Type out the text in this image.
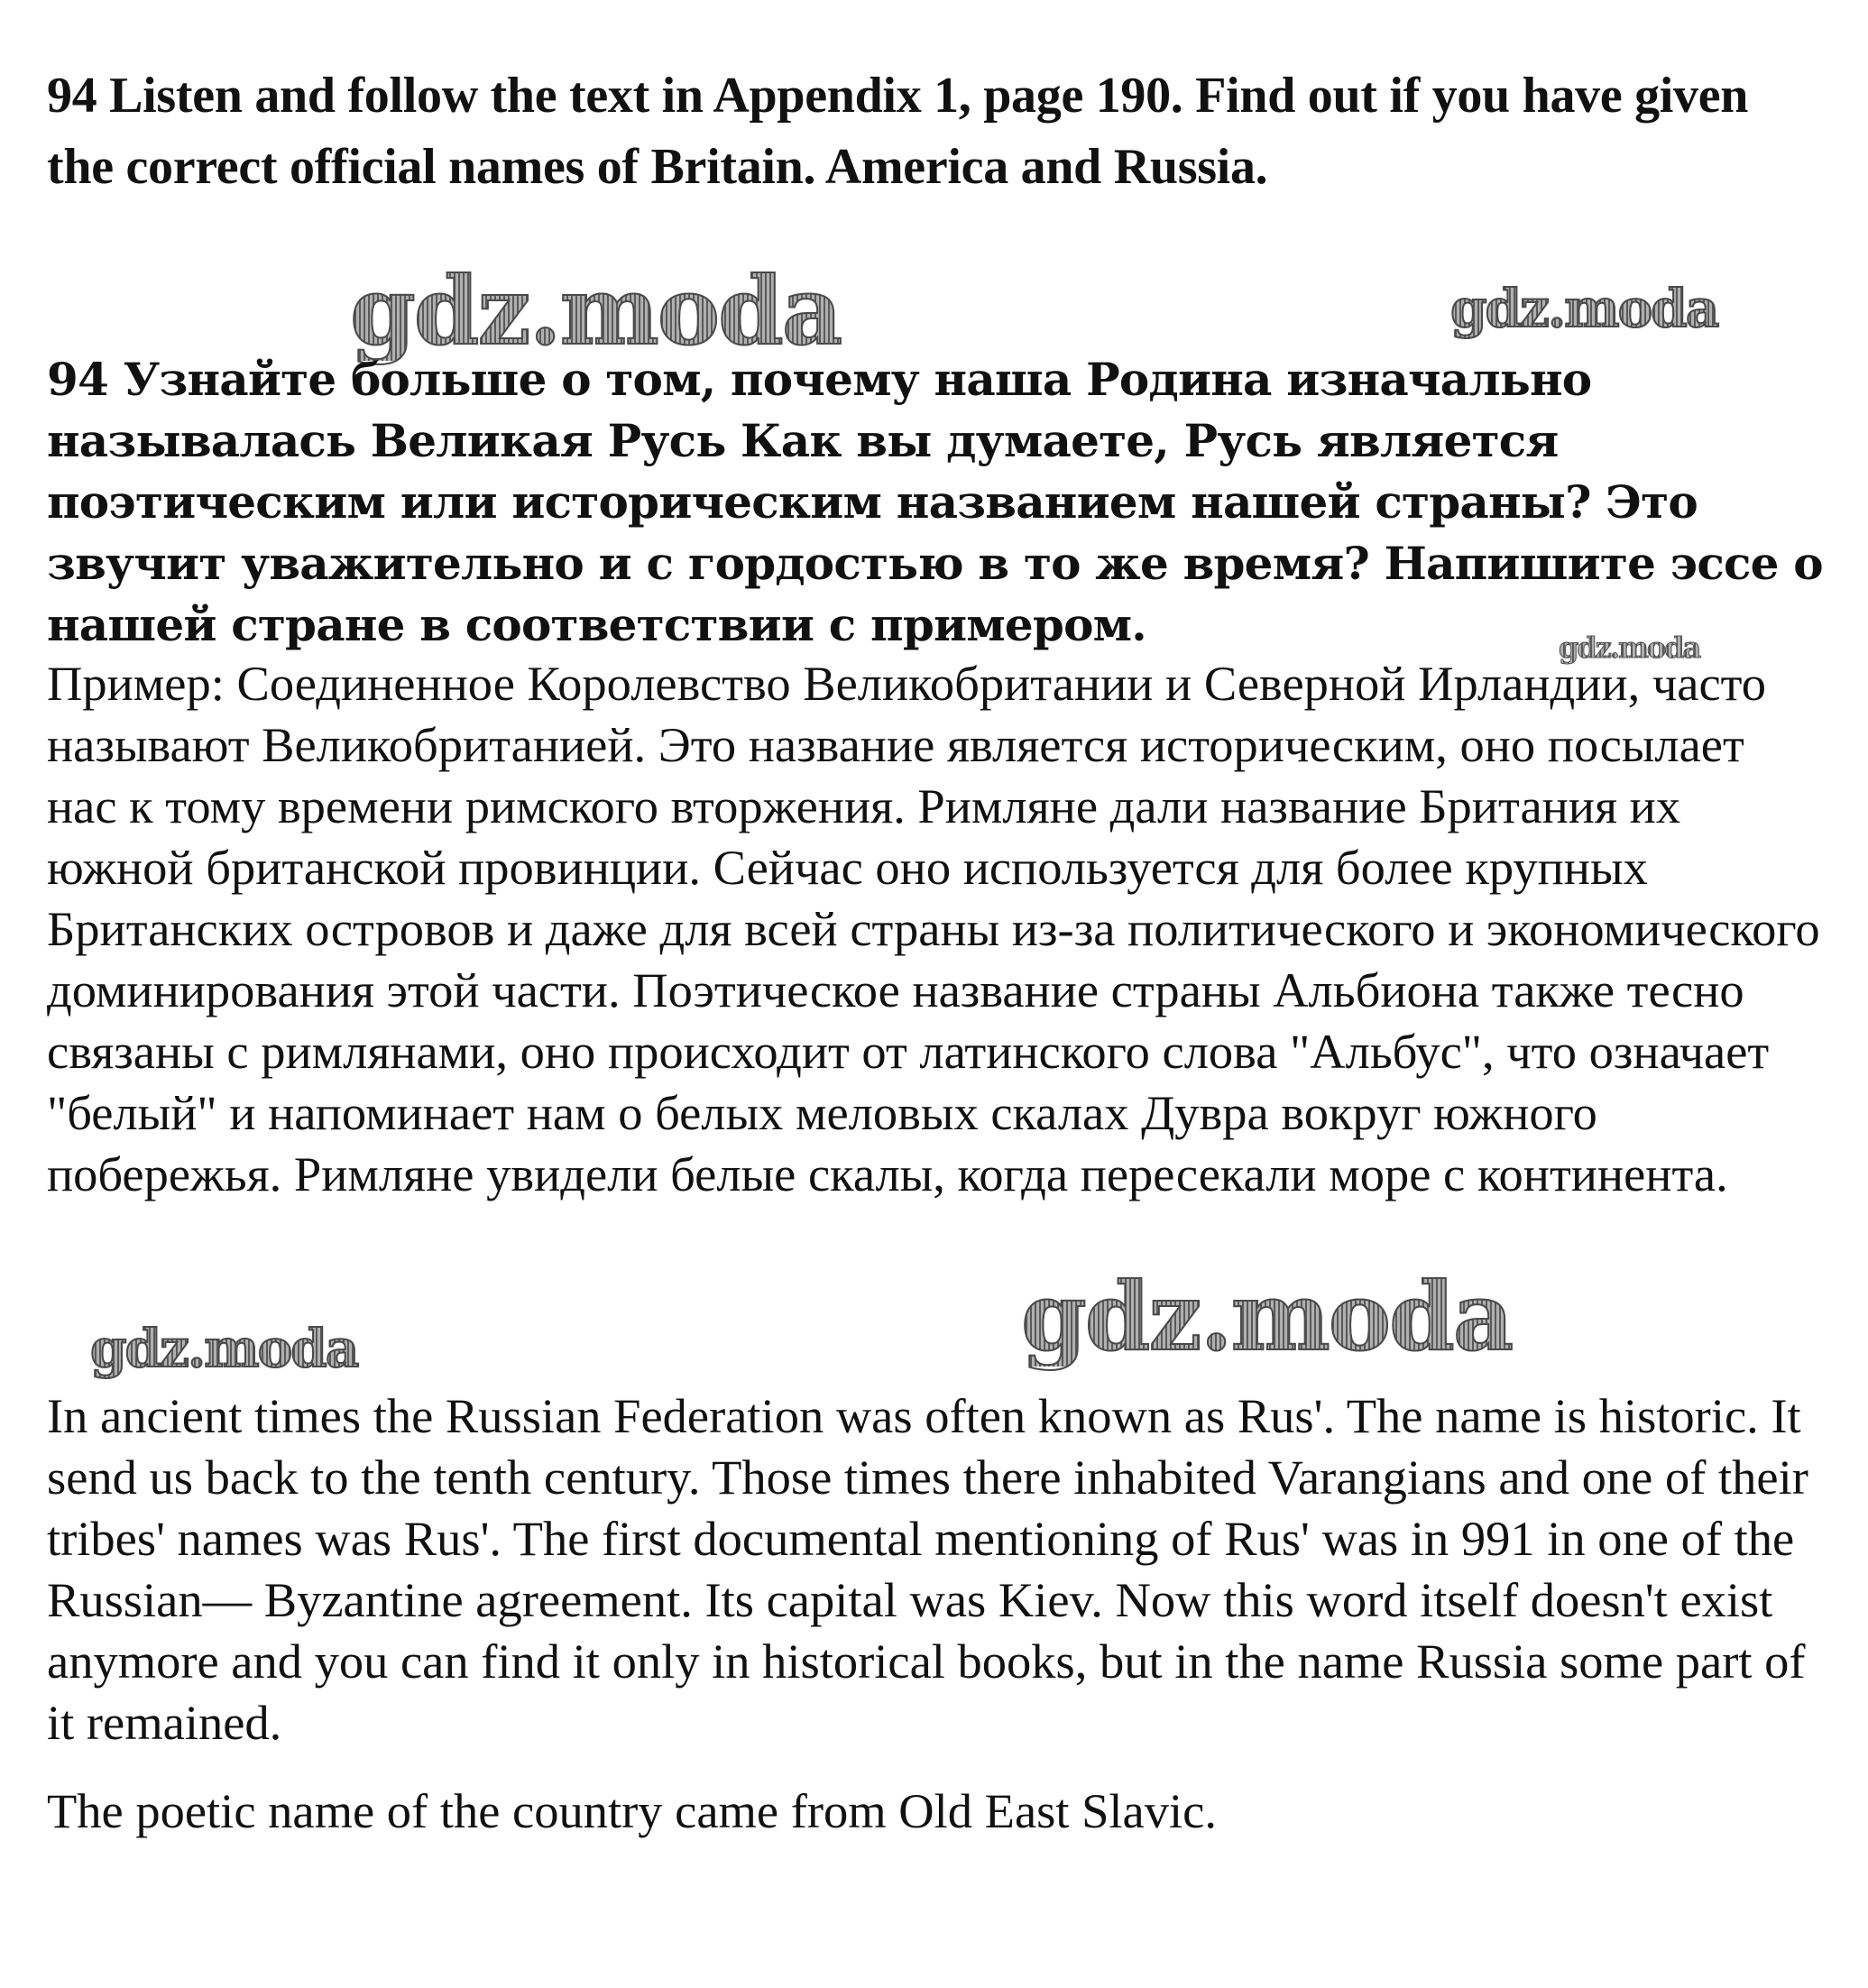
94 Listen and follow the text in Appendix 1, page 190. Find out if you have given the correct official names of Britain. America and Russia.

gdz.moda	gdz.moda

94 Узнайте больше о том, почему наша Родина изначально называлась Великая Русь Как вы думаете, Русь является поэтическим или историческим названием нашей страны? Это звучит уважительно и с гордостью в то же время? Напишите эссе о нашей стране в соответствии с примером.	gdz.moda

Пример: Соединенное Королевство Великобритании и Северной Ирландии, часто называют Великобританией. Это название является историческим, оно посылает нас к тому времени римского вторжения. Римляне дали название Британия их южной британской провинции. Сейчас оно используется для более крупных Британских островов и даже для всей страны из-за политического и экономического доминирования этой части. Поэтическое название страны Альбиона также тесно связаны с римлянами, оно происходит от латинского слова "Альбус", что означает "белый" и напоминает нам о белых меловых скалах Дувра вокруг южного побережья. Римляне увидели белые скалы, когда пересекали море с континента.

gdz.moda	gdz.moda

In ancient times the Russian Federation was often known as Rus'. The name is historic. It send us back to the tenth century. Those times there inhabited Varangians and one of their tribes' names was Rus'. The first documental mentioning of Rus' was in 991 in one of the Russian— Byzantine agreement. Its capital was Kiev. Now this word itself doesn't exist anymore and you can find it only in historical books, but in the name Russia some part of it remained.

The poetic name of the country came from Old East Slavic.
